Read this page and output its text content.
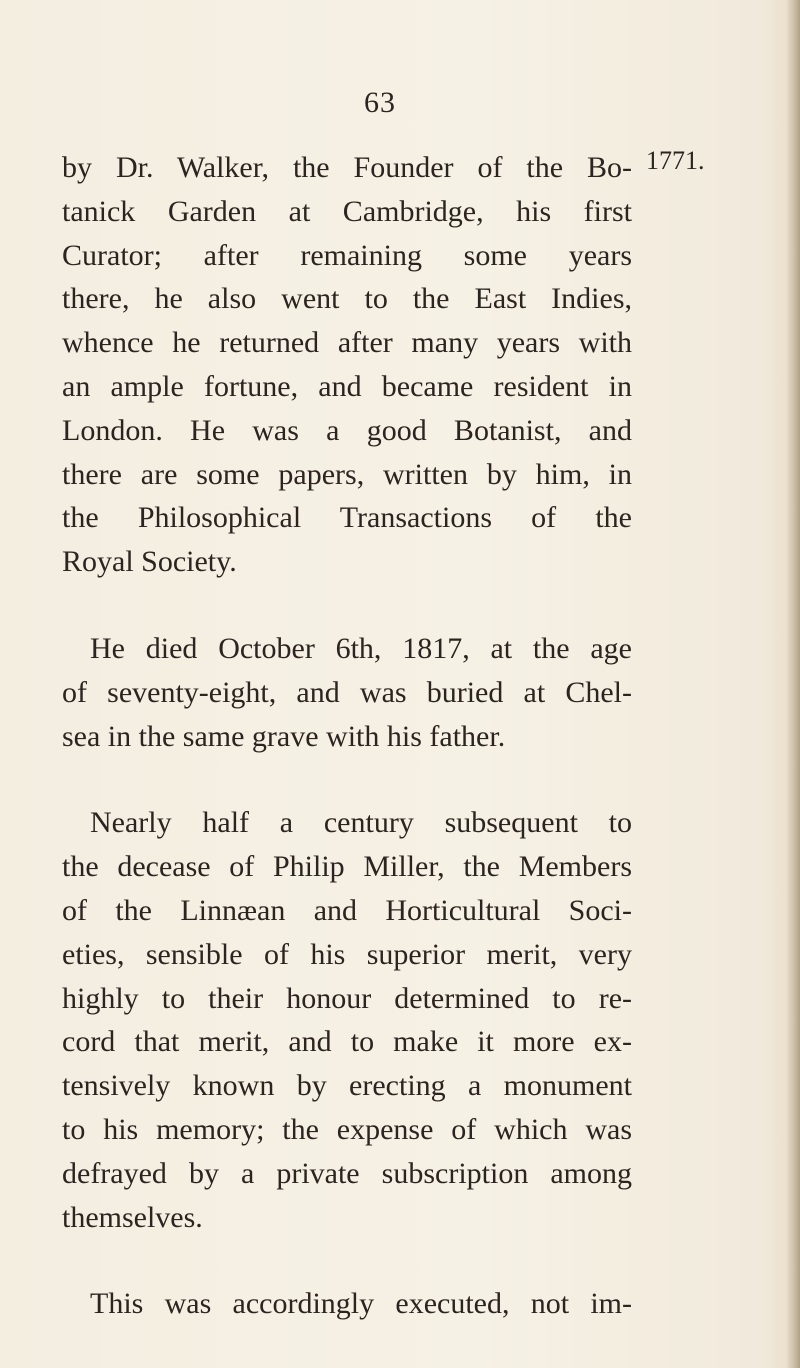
63
1771.
by Dr. Walker, the Founder of the Bo-
tanick Garden at Cambridge, his first
Curator; after remaining some years
there, he also went to the East Indies,
whence he returned after many years with
an ample fortune, and became resident in
London. He was a good Botanist, and
there are some papers, written by him, in
the Philosophical Transactions of the
Royal Society.
He died October 6th, 1817, at the age
of seventy-eight, and was buried at Chel-
sea in the same grave with his father.
Nearly half a century subsequent to
the decease of Philip Miller, the Members
of the Linnæan and Horticultural Soci-
eties, sensible of his superior merit, very
highly to their honour determined to re-
cord that merit, and to make it more ex-
tensively known by erecting a monument
to his memory; the expense of which was
defrayed by a private subscription among
themselves.
This was accordingly executed, not im-
